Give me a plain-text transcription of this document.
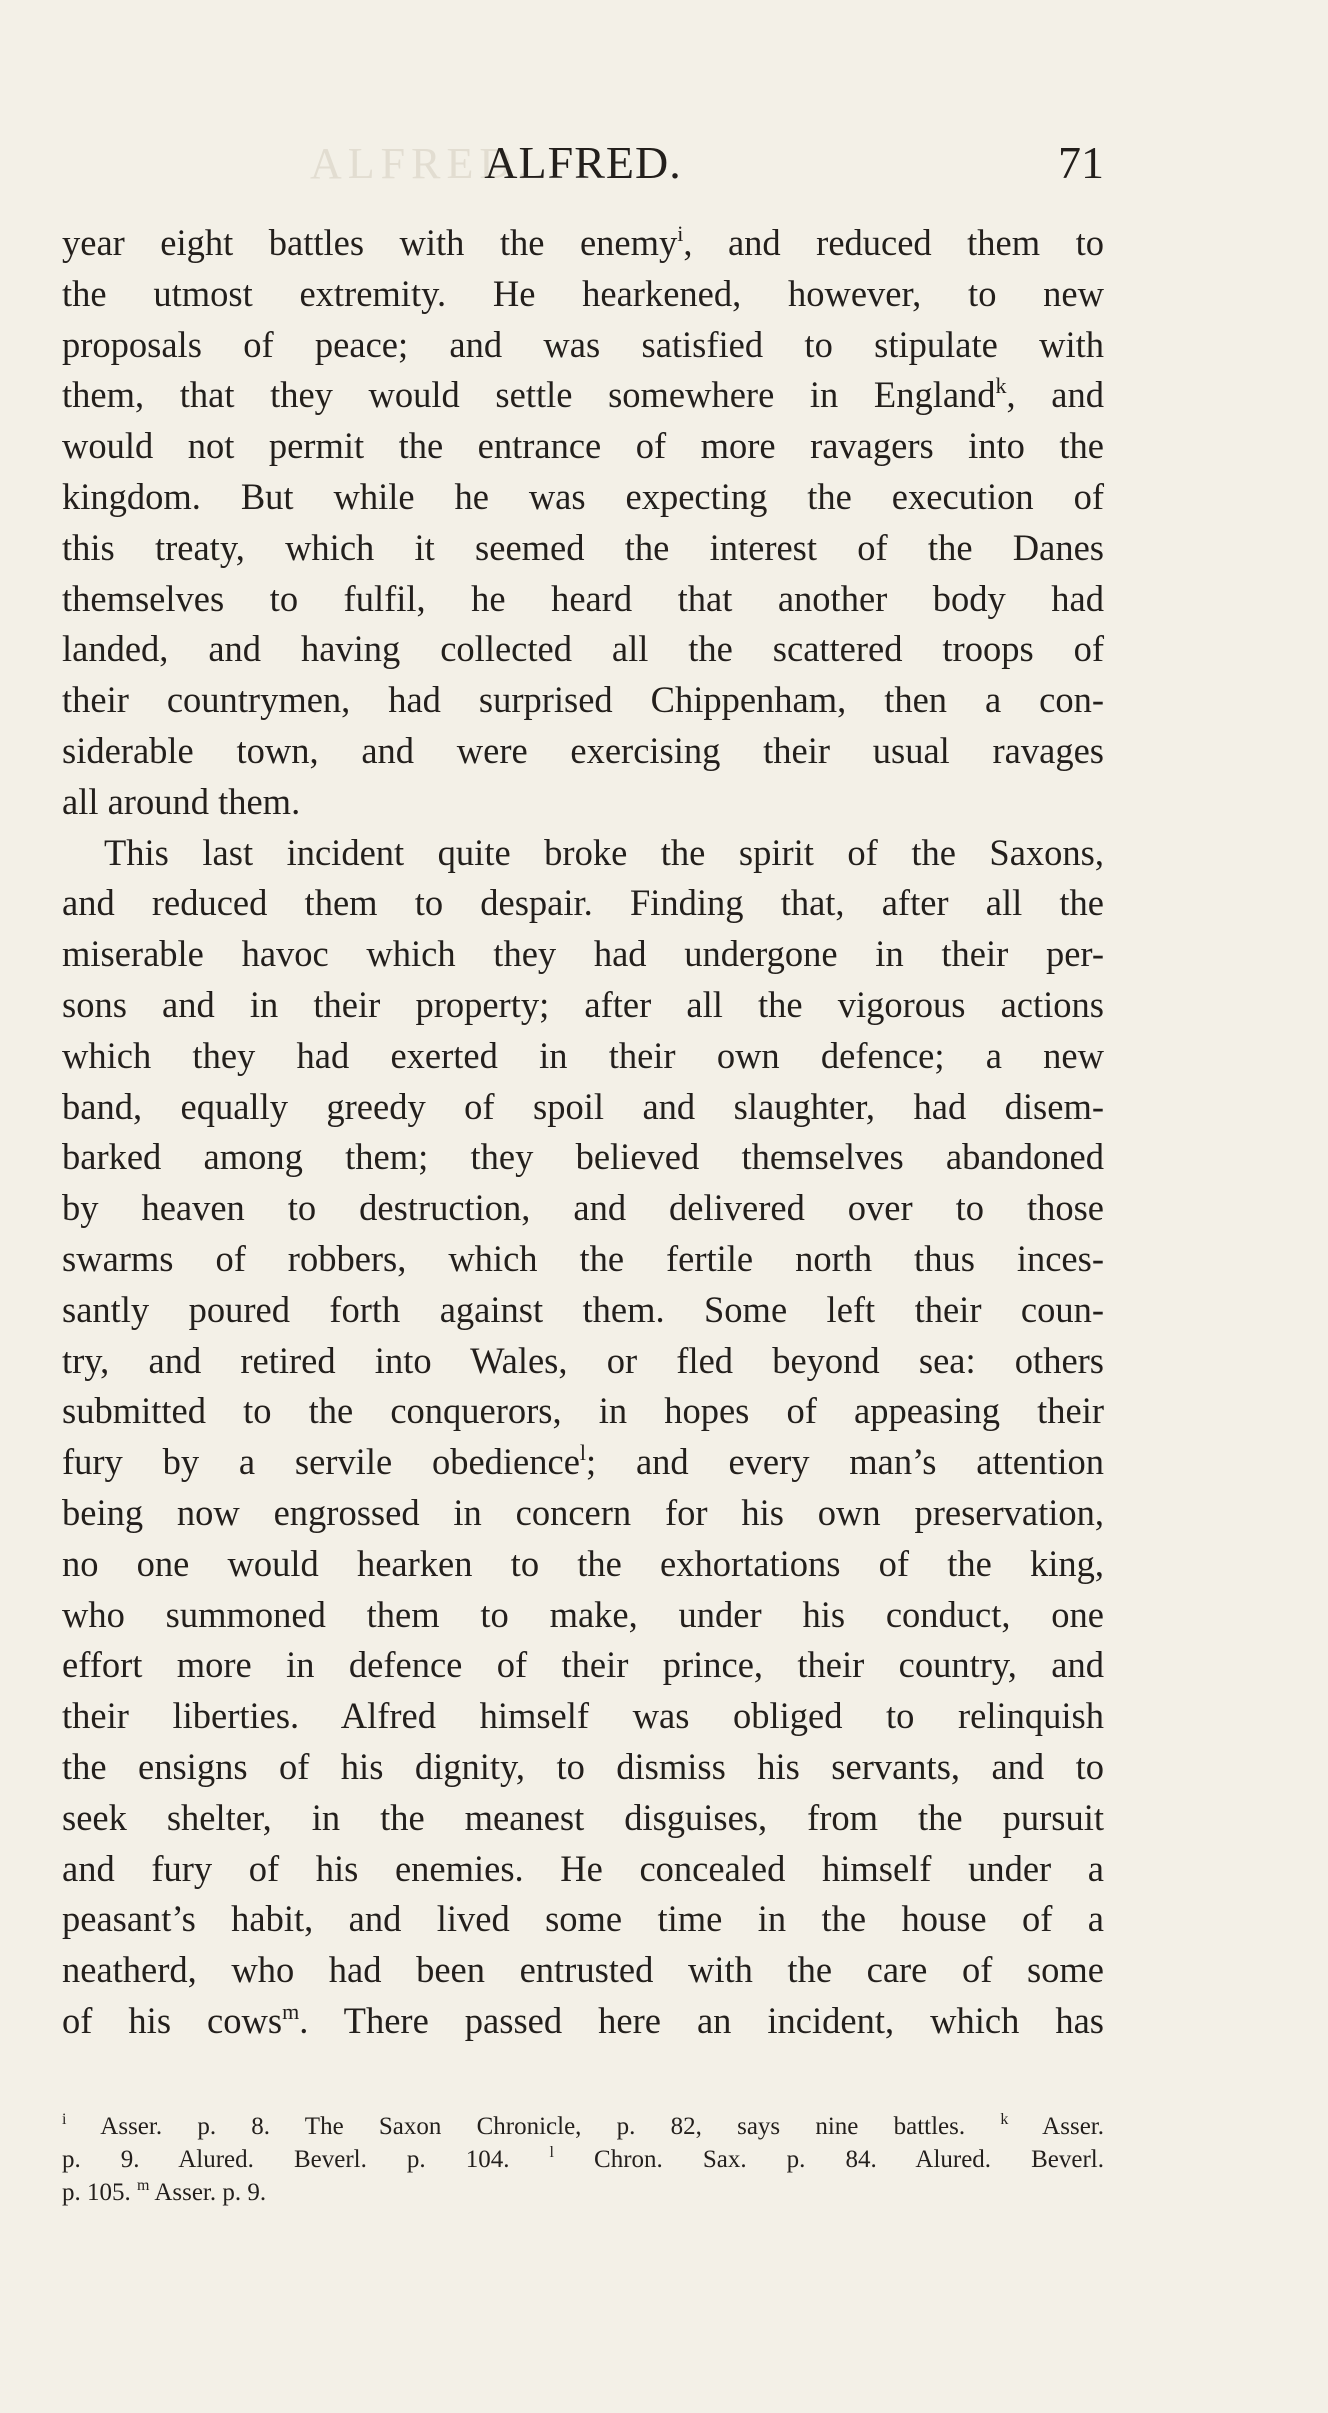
ALFRED.
ALFRED.	71
year eight battles with the enemy$^i$, and reduced them to
the utmost extremity. He hearkened, however, to new
proposals of peace; and was satisfied to stipulate with
them, that they would settle somewhere in England$^k$, and
would not permit the entrance of more ravagers into the
kingdom. But while he was expecting the execution of
this treaty, which it seemed the interest of the Danes
themselves to fulfil, he heard that another body had
landed, and having collected all the scattered troops of
their countrymen, had surprised Chippenham, then a con-
siderable town, and were exercising their usual ravages
all around them.
This last incident quite broke the spirit of the Saxons,
and reduced them to despair. Finding that, after all the
miserable havoc which they had undergone in their per-
sons and in their property; after all the vigorous actions
which they had exerted in their own defence; a new
band, equally greedy of spoil and slaughter, had disem-
barked among them; they believed themselves abandoned
by heaven to destruction, and delivered over to those
swarms of robbers, which the fertile north thus inces-
santly poured forth against them. Some left their coun-
try, and retired into Wales, or fled beyond sea: others
submitted to the conquerors, in hopes of appeasing their
fury by a servile obedience$^l$; and every man’s attention
being now engrossed in concern for his own preservation,
no one would hearken to the exhortations of the king,
who summoned them to make, under his conduct, one
effort more in defence of their prince, their country, and
their liberties. Alfred himself was obliged to relinquish
the ensigns of his dignity, to dismiss his servants, and to
seek shelter, in the meanest disguises, from the pursuit
and fury of his enemies. He concealed himself under a
peasant’s habit, and lived some time in the house of a
neatherd, who had been entrusted with the care of some
of his cows$^m$. There passed here an incident, which has
$^i$ Asser. p. 8. The Saxon Chronicle, p. 82, says nine battles. $^k$ Asser.
p. 9. Alured. Beverl. p. 104. $^l$ Chron. Sax. p. 84. Alured. Beverl.
p. 105. $^m$ Asser. p. 9.
